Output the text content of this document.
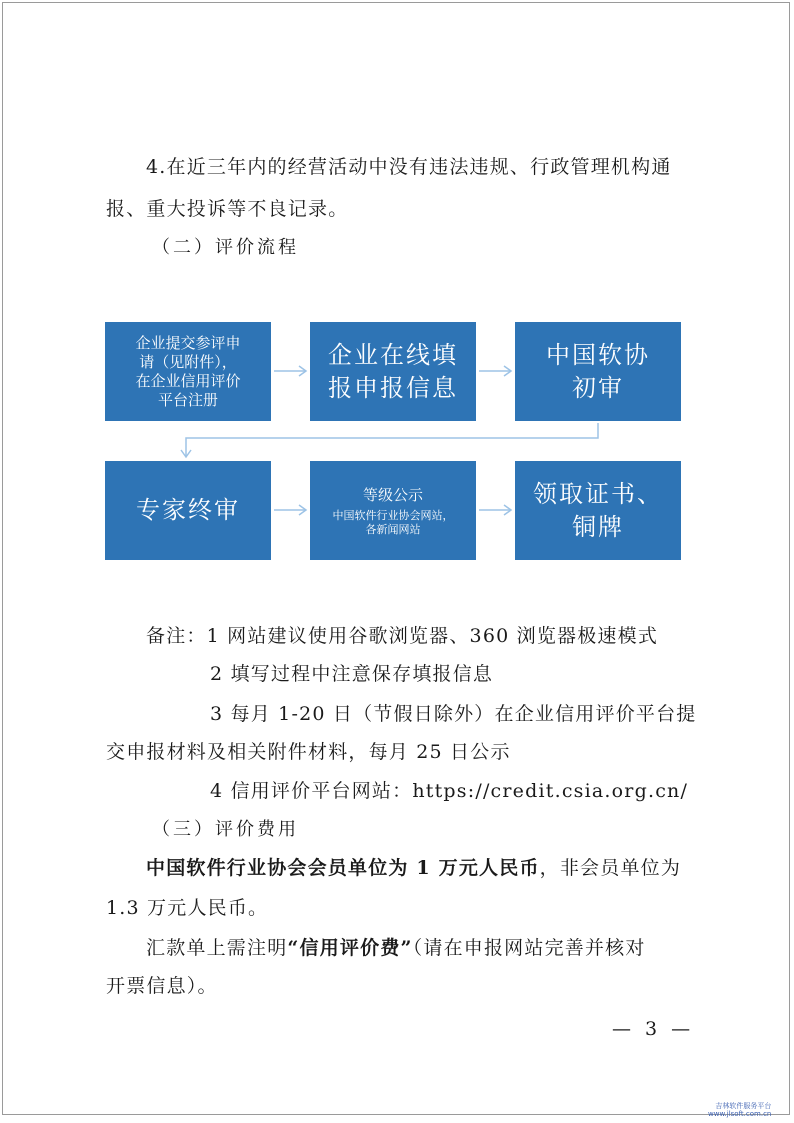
4.在近三年内的经营活动中没有违法违规、行政管理机构通
报、重大投诉等不良记录。
（二）评价流程
企业提交参评申
请（见附件），
在企业信用评价
平台注册
企业在线填
报申报信息
中国软协
初审
专家终审
等级公示
中国软件行业协会网站，
各新闻网站
领取证书、
铜牌
备注：1 网站建议使用谷歌浏览器、360 浏览器极速模式
2 填写过程中注意保存填报信息
3 每月 1-20 日（节假日除外）在企业信用评价平台提
交申报材料及相关附件材料，每月 25 日公示
4 信用评价平台网站：https://credit.csia.org.cn/
（三）评价费用
中国软件行业协会会员单位为 1 万元人民币，非会员单位为
1.3 万元人民币。
汇款单上需注明“信用评价费”（请在申报网站完善并核对
开票信息）。
— 3 —
吉林软件服务平台
www.jlsoft.com.cn
